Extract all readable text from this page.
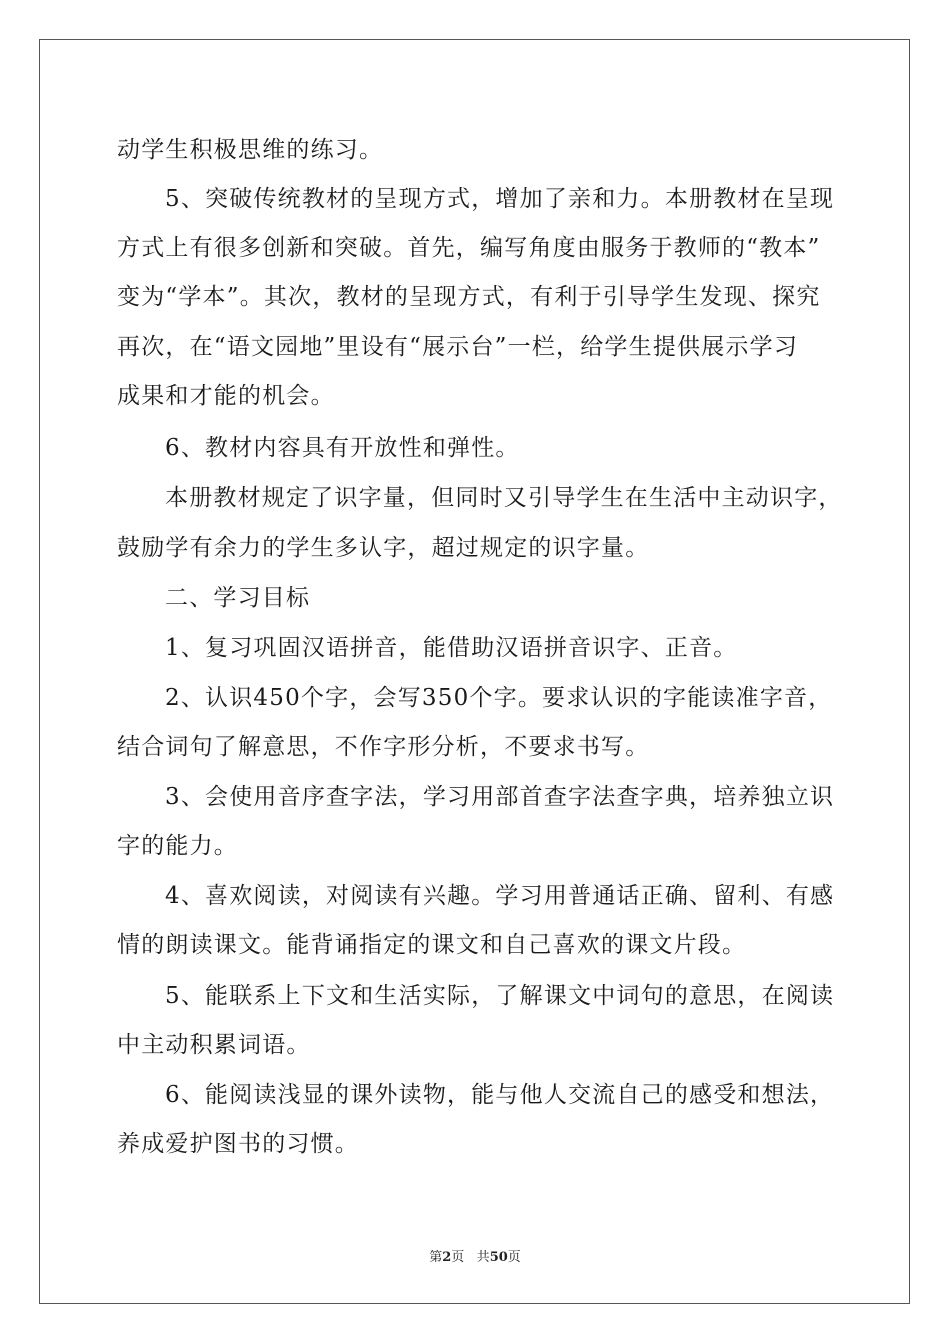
动学生积极思维的练习。
5、突破传统教材的呈现方式，增加了亲和力。本册教材在呈现
方式上有很多创新和突破。首先，编写角度由服务于教师的“教本”
变为“学本”。其次，教材的呈现方式，有利于引导学生发现、探究
再次，在“语文园地”里设有“展示台”一栏，给学生提供展示学习
成果和才能的机会。
6、教材内容具有开放性和弹性。
本册教材规定了识字量，但同时又引导学生在生活中主动识字，
鼓励学有余力的学生多认字，超过规定的识字量。
二、学习目标
1、复习巩固汉语拼音，能借助汉语拼音识字、正音。
2、认识450个字，会写350个字。要求认识的字能读准字音，
结合词句了解意思，不作字形分析，不要求书写。
3、会使用音序查字法，学习用部首查字法查字典，培养独立识
字的能力。
4、喜欢阅读，对阅读有兴趣。学习用普通话正确、留利、有感
情的朗读课文。能背诵指定的课文和自己喜欢的课文片段。
5、能联系上下文和生活实际，了解课文中词句的意思，在阅读
中主动积累词语。
6、能阅读浅显的课外读物，能与他人交流自己的感受和想法，
养成爱护图书的习惯。
第2页 共50页
